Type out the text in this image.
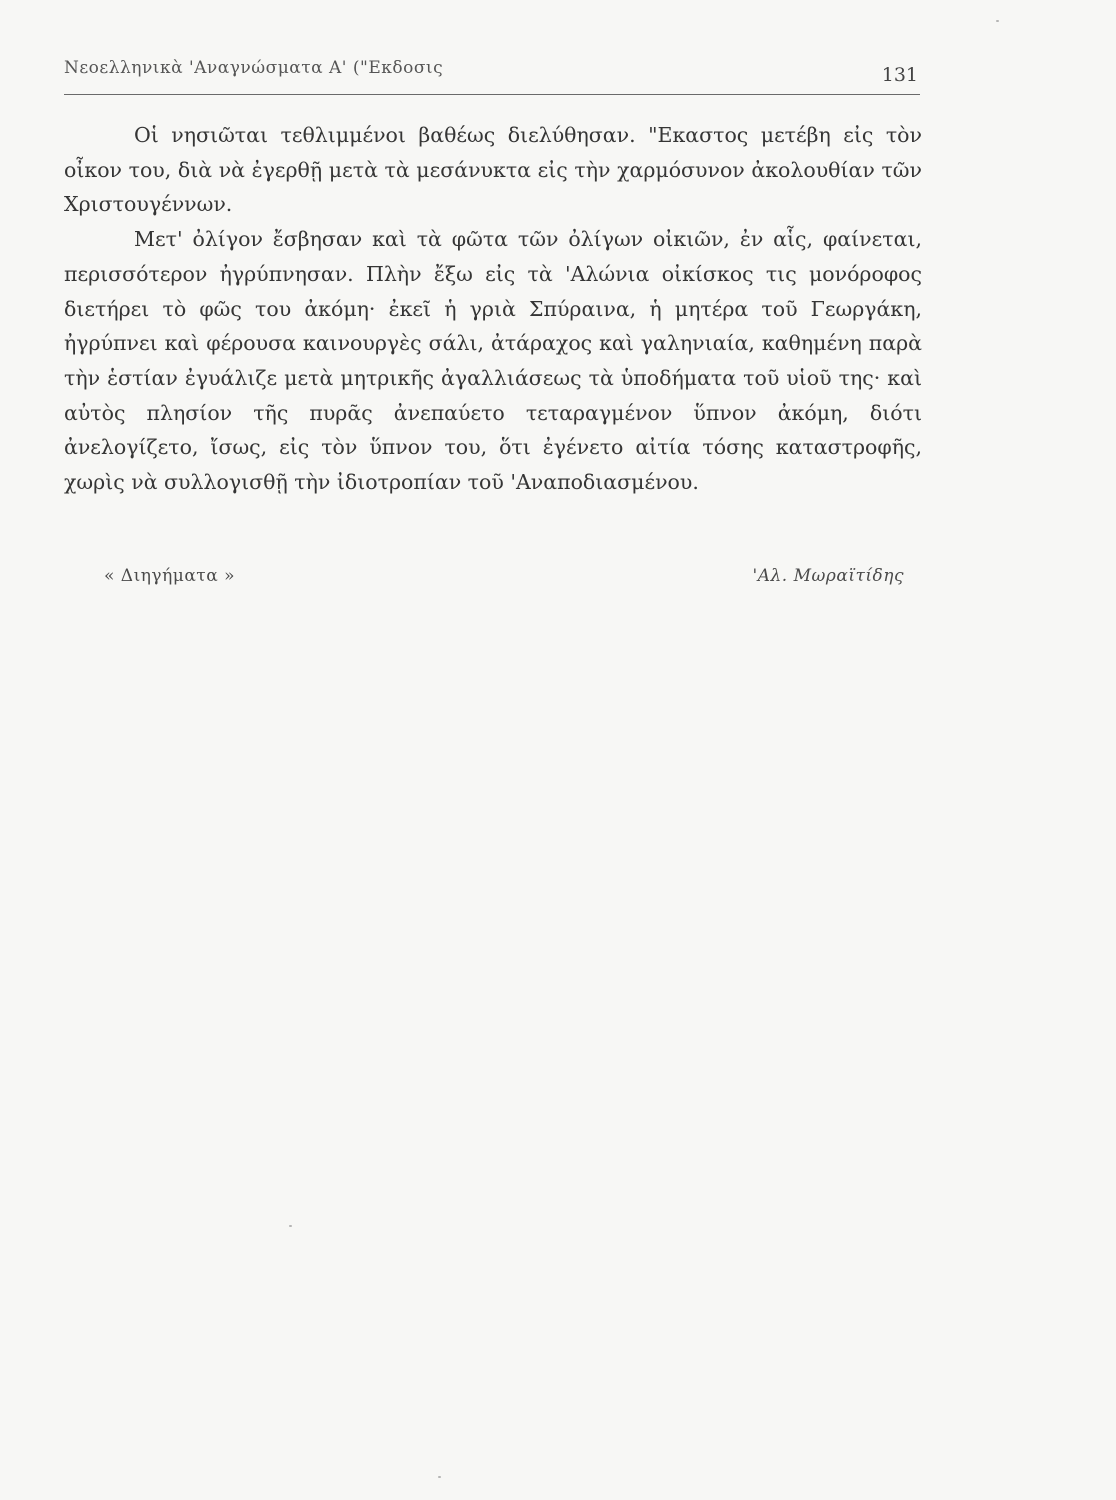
Νεοελληνικὰ 'Αναγνώσματα Α' ("Εκδοσις	131

Οἱ νησιῶται τεθλιμμένοι βαθέως διελύθησαν. "Εκαστος μετέβη εἰς τὸν οἶκον του, διὰ νὰ ἐγερθῇ μετὰ τὰ μεσάνυκτα εἰς τὴν χαρμόσυνον ἀκολουθίαν τῶν Χριστουγέννων.

Μετ' ὀλίγον ἔσβησαν καὶ τὰ φῶτα τῶν ὀλίγων οἰκιῶν, ἐν αἷς, φαίνεται, περισσότερον ἠγρύπνησαν. Πλὴν ἔξω εἰς τὰ 'Αλώνια οἰκίσκος τις μονόροφος διετήρει τὸ φῶς του ἀκόμη· ἐκεῖ ἡ γριὰ Σπύραινα, ἡ μητέρα τοῦ Γεωργάκη, ἠγρύπνει καὶ φέρουσα καινουργὲς σάλι, ἀτάραχος καὶ γαληνιαία, καθημένη παρὰ τὴν ἑστίαν ἐγυάλιζε μετὰ μητρικῆς ἀγαλλιάσεως τὰ ὑποδήματα τοῦ υἱοῦ της· καὶ αὐτὸς πλησίον τῆς πυρᾶς ἀνεπαύετο τεταραγμένον ὕπνον ἀκόμη, διότι ἀνελογίζετο, ἴσως, εἰς τὸν ὕπνον του, ὅτι ἐγένετο αἰτία τόσης καταστροφῆς, χωρὶς νὰ συλλογισθῇ τὴν ἰδιοτροπίαν τοῦ 'Αναποδιασμένου.

« Διηγήματα »	'Αλ. Μωραϊτίδης
